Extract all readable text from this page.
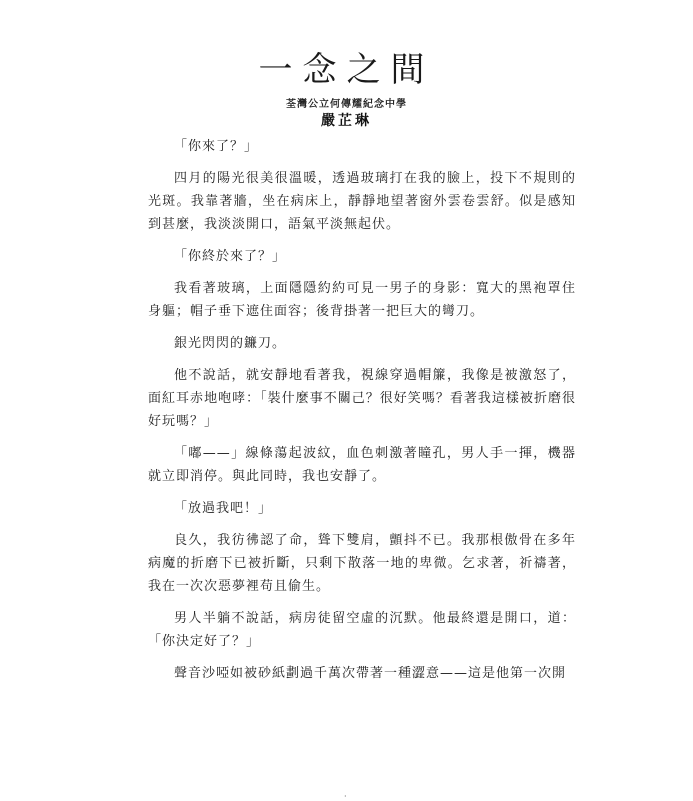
一念之間
荃灣公立何傳耀紀念中學
嚴芷琳

「你來了？」

四月的陽光很美很溫暖，透過玻璃打在我的臉上，投下不規則的光斑。我靠著牆，坐在病床上，靜靜地望著窗外雲卷雲舒。似是感知到甚麼，我淡淡開口，語氣平淡無起伏。

「你終於來了？」

我看著玻璃，上面隱隱約約可見一男子的身影：寬大的黑袍罩住身軀；帽子垂下遮住面容；後背掛著一把巨大的彎刀。

銀光閃閃的鐮刀。

他不說話，就安靜地看著我，視線穿過帽簾，我像是被激怒了，面紅耳赤地咆哮：「裝什麼事不關己？很好笑嗎？看著我這樣被折磨很好玩嗎？」

「嘟——」線條蕩起波紋，血色刺激著瞳孔，男人手一揮，機器就立即消停。與此同時，我也安靜了。

「放過我吧！」

良久，我彷彿認了命，聳下雙肩，顫抖不已。我那根傲骨在多年病魔的折磨下已被折斷，只剩下散落一地的卑微。乞求著，祈禱著，我在一次次惡夢裡苟且偷生。

男人半躺不說話，病房徒留空虛的沉默。他最終還是開口，道：「你決定好了？」

聲音沙啞如被砂紙劃過千萬次帶著一種澀意——這是他第一次開

·
